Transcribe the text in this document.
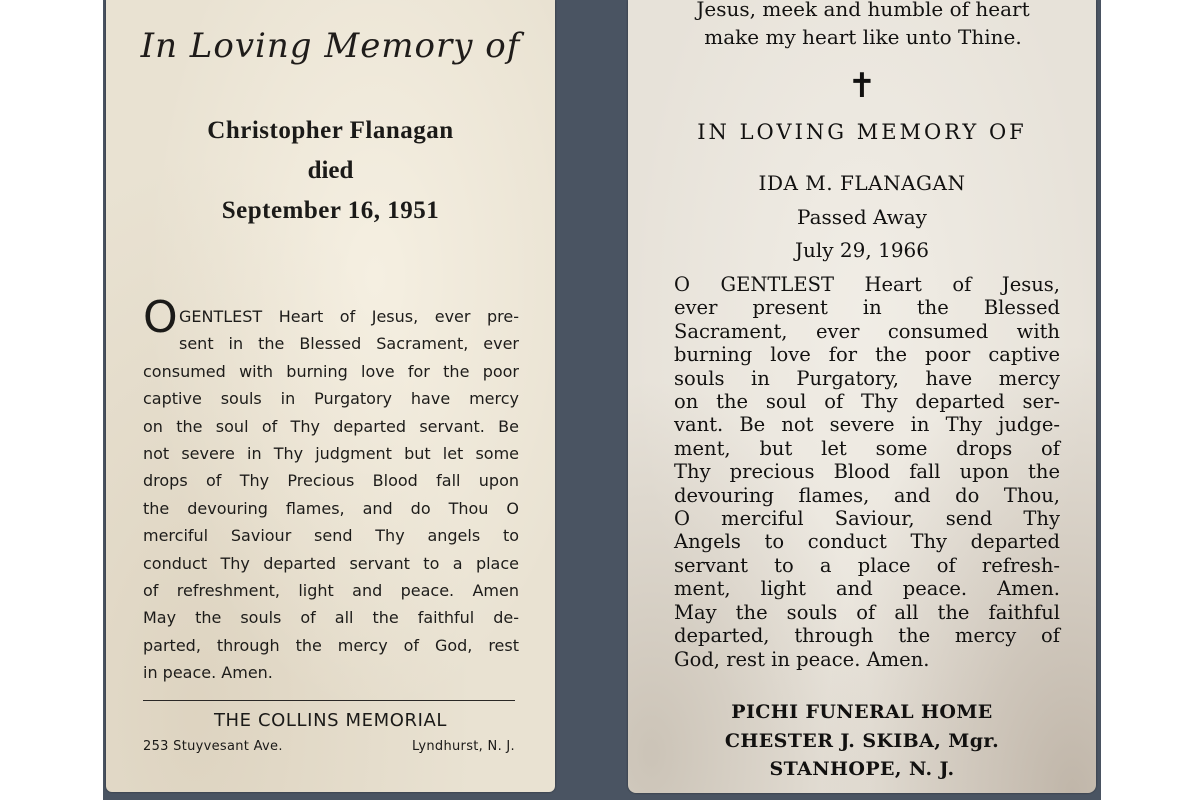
In Loving Memory of
Christopher Flanagan
died
September 16, 1951
O GENTLEST Heart of Jesus, ever pre-
sent in the Blessed Sacrament, ever
consumed with burning love for the poor
captive souls in Purgatory have mercy
on the soul of Thy departed servant. Be
not severe in Thy judgment but let some
drops of Thy Precious Blood fall upon
the devouring flames, and do Thou O
merciful Saviour send Thy angels to
conduct Thy departed servant to a place
of refreshment, light and peace. Amen
May the souls of all the faithful de-
parted, through the mercy of God, rest
in peace. Amen.
THE COLLINS MEMORIAL
253 Stuyvesant Ave.	Lyndhurst, N. J.
Jesus, meek and humble of heart
make my heart like unto Thine.
✝
IN LOVING MEMORY OF
IDA M. FLANAGAN
Passed Away
July 29, 1966
O GENTLEST Heart of Jesus,
ever present in the Blessed
Sacrament, ever consumed with
burning love for the poor captive
souls in Purgatory, have mercy
on the soul of Thy departed ser-
vant. Be not severe in Thy judge-
ment, but let some drops of
Thy precious Blood fall upon the
devouring flames, and do Thou,
O merciful Saviour, send Thy
Angels to conduct Thy departed
servant to a place of refresh-
ment, light and peace. Amen.
May the souls of all the faithful
departed, through the mercy of
God, rest in peace. Amen.
PICHI FUNERAL HOME
CHESTER J. SKIBA, Mgr.
STANHOPE, N. J.
